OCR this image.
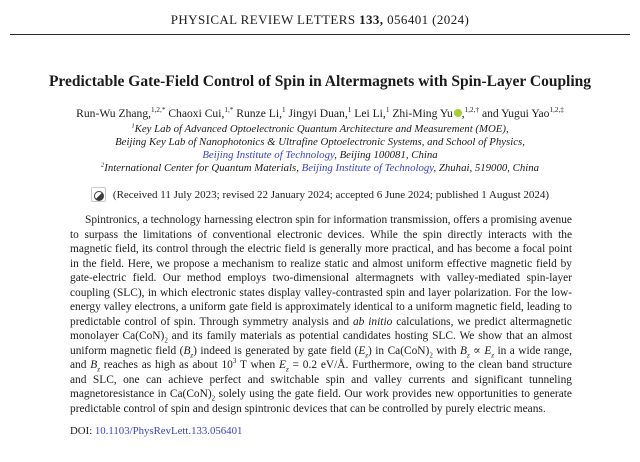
PHYSICAL REVIEW LETTERS 133, 056401 (2024)
Predictable Gate-Field Control of Spin in Altermagnets with Spin-Layer Coupling
Run-Wu Zhang,$^{1,2,*}$ Chaoxi Cui,$^{1,*}$ Runze Li,$^1$ Jingyi Duan,$^1$ Lei Li,$^1$ Zhi-Ming Yu ,$^{1,2,\dagger}$ and Yugui Yao$^{1,2,\ddagger}$
$^1$Key Lab of Advanced Optoelectronic Quantum Architecture and Measurement (MOE),
Beijing Key Lab of Nanophotonics & Ultrafine Optoelectronic Systems, and School of Physics,
Beijing Institute of Technology, Beijing 100081, China
$^2$International Center for Quantum Materials, Beijing Institute of Technology, Zhuhai, 519000, China
(Received 11 July 2023; revised 22 January 2024; accepted 6 June 2024; published 1 August 2024)

Spintronics, a technology harnessing electron spin for information transmission, offers a promising avenue to surpass the limitations of conventional electronic devices. While the spin directly interacts with the magnetic field, its control through the electric field is generally more practical, and has become a focal point in the field. Here, we propose a mechanism to realize static and almost uniform effective magnetic field by gate-electric field. Our method employs two-dimensional altermagnets with valley-mediated spin-layer coupling (SLC), in which electronic states display valley-contrasted spin and layer polarization. For the low-energy valley electrons, a uniform gate field is approximately identical to a uniform magnetic field, leading to predictable control of spin. Through symmetry analysis and ab initio calculations, we predict altermagnetic monolayer $Ca(CoN)_2$ and its family materials as potential candidates hosting SLC. We show that an almost uniform magnetic field $(B_z)$ indeed is generated by gate field $(E_z)$ in $Ca(CoN)_2$ with $B_z \propto E_z$ in a wide range, and $B_z$ reaches as high as about $10^3$ T when $E_z = 0.2$ eV/Å. Furthermore, owing to the clean band structure and SLC, one can achieve perfect and switchable spin and valley currents and significant tunneling magnetoresistance in $Ca(CoN)_2$ solely using the gate field. Our work provides new opportunities to generate predictable control of spin and design spintronic devices that can be controlled by purely electric means.

DOI: 10.1103/PhysRevLett.133.056401
